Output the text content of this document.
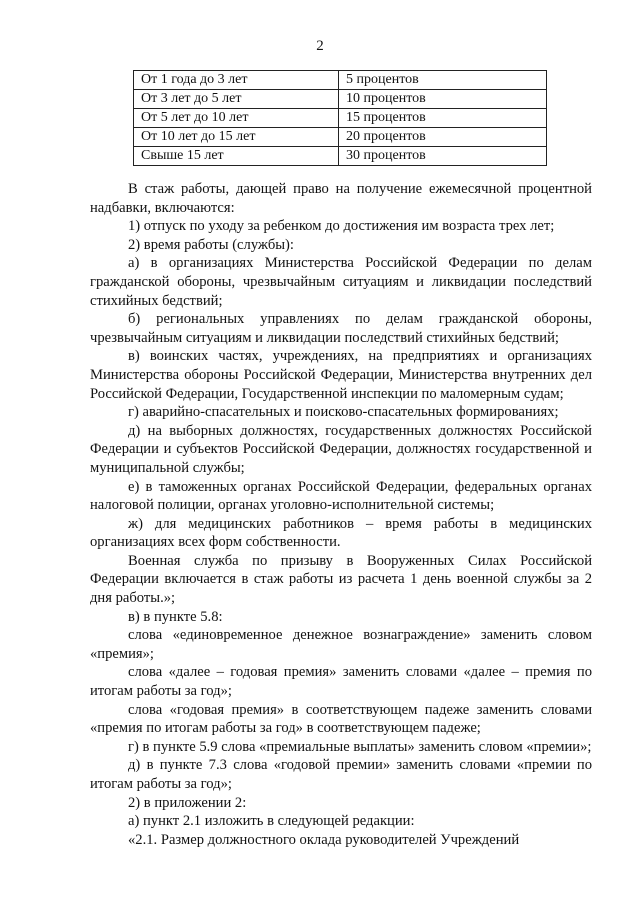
2
От 1 года до 3 лет	5 процентов
От 3 лет до 5 лет	10 процентов
От 5 лет до 10 лет	15 процентов
От 10 лет до 15 лет	20 процентов
Свыше 15 лет	30 процентов

В стаж работы, дающей право на получение ежемесячной процентной надбавки, включаются:

1) отпуск по уходу за ребенком до достижения им возраста трех лет;

2) время работы (службы):

а) в организациях Министерства Российской Федерации по делам гражданской обороны, чрезвычайным ситуациям и ликвидации последствий стихийных бедствий;

б) региональных управлениях по делам гражданской обороны, чрезвычайным ситуациям и ликвидации последствий стихийных бедствий;

в) воинских частях, учреждениях, на предприятиях и организациях Министерства обороны Российской Федерации, Министерства внутренних дел Российской Федерации, Государственной инспекции по маломерным судам;

г) аварийно-спасательных и поисково-спасательных формированиях;

д) на выборных должностях, государственных должностях Российской Федерации и субъектов Российской Федерации, должностях государственной и муниципальной службы;

е) в таможенных органах Российской Федерации, федеральных органах налоговой полиции, органах уголовно-исполнительной системы;

ж) для медицинских работников – время работы в медицинских организациях всех форм собственности.

Военная служба по призыву в Вооруженных Силах Российской Федерации включается в стаж работы из расчета 1 день военной службы за 2 дня работы.»;

в) в пункте 5.8:

слова «единовременное денежное вознаграждение» заменить словом «премия»;

слова «далее – годовая премия» заменить словами «далее – премия по итогам работы за год»;

слова «годовая премия» в соответствующем падеже заменить словами «премия по итогам работы за год» в соответствующем падеже;

г) в пункте 5.9 слова «премиальные выплаты» заменить словом «премии»;

д) в пункте 7.3 слова «годовой премии» заменить словами «премии по итогам работы за год»;

2) в приложении 2:

а) пункт 2.1 изложить в следующей редакции:

«2.1. Размер должностного оклада руководителей Учреждений
